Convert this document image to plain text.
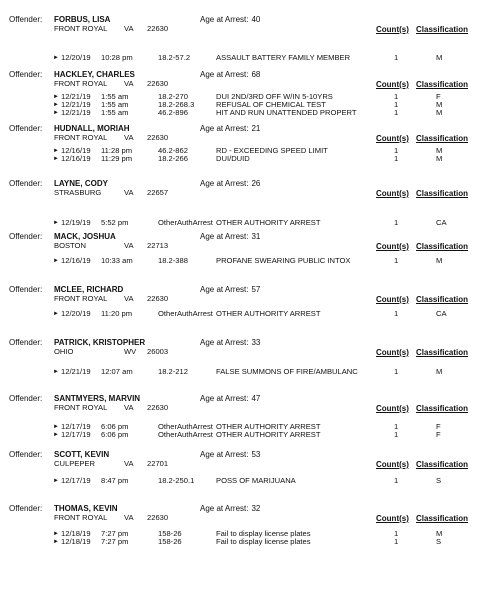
Offender: FORBUS, LISA	Age at Arrest: 40
FRONT ROYAL VA 22630	Count(s) Classification
► 12/20/19 10:28 pm	18.2-57.2	ASSAULT BATTERY FAMILY MEMBER	1	M
Offender: HACKLEY, CHARLES	Age at Arrest: 68
FRONT ROYAL VA 22630	Count(s) Classification
► 12/21/19 1:55 am	18.2-270	DUI 2ND/3RD OFF W/IN 5-10YRS	1	F
► 12/21/19 1:55 am	18.2-268.3	REFUSAL OF CHEMICAL TEST	1	M
► 12/21/19 1:55 am	46.2-896	HIT AND RUN UNATTENDED PROPERT	1	M
Offender: HUDNALL, MORIAH	Age at Arrest: 21
FRONT ROYAL VA 22630	Count(s) Classification
► 12/16/19 11:28 pm	46.2-862	RD - EXCEEDING SPEED LIMIT	1	M
► 12/16/19 11:29 pm	18.2-266	DUI/DUID	1	M
Offender: LAYNE, CODY	Age at Arrest: 26
STRASBURG	VA 22657	Count(s) Classification
► 12/19/19 5:52 pm	OtherAuthArrest OTHER AUTHORITY ARREST	1	CA
Offender: MACK, JOSHUA	Age at Arrest: 31
BOSTON	VA 22713	Count(s) Classification
► 12/16/19 10:33 am	18.2-388	PROFANE SWEARING PUBLIC INTOX	1	M
Offender: MCLEE, RICHARD	Age at Arrest: 57
FRONT ROYAL VA 22630	Count(s) Classification
► 12/20/19 11:20 pm	OtherAuthArrest OTHER AUTHORITY ARREST	1	CA
Offender: PATRICK, KRISTOPHER	Age at Arrest: 33
OHIO	WV 26003	Count(s) Classification
► 12/21/19 12:07 am	18.2-212	FALSE SUMMONS OF FIRE/AMBULANC	1	M
Offender: SANTMYERS, MARVIN	Age at Arrest: 47
FRONT ROYAL VA 22630	Count(s) Classification
► 12/17/19 6:06 pm	OtherAuthArrest OTHER AUTHORITY ARREST	1	F
► 12/17/19 6:06 pm	OtherAuthArrest OTHER AUTHORITY ARREST	1	F
Offender: SCOTT, KEVIN	Age at Arrest: 53
CULPEPER	VA 22701	Count(s) Classification
► 12/17/19 8:47 pm	18.2-250.1	POSS OF MARIJUANA	1	S
Offender: THOMAS, KEVIN	Age at Arrest: 32
FRONT ROYAL VA 22630	Count(s) Classification
► 12/18/19 7:27 pm	158-26	Fail to display license plates	1	M
► 12/18/19 7:27 pm	158-26	Fail to display license plates	1	S
